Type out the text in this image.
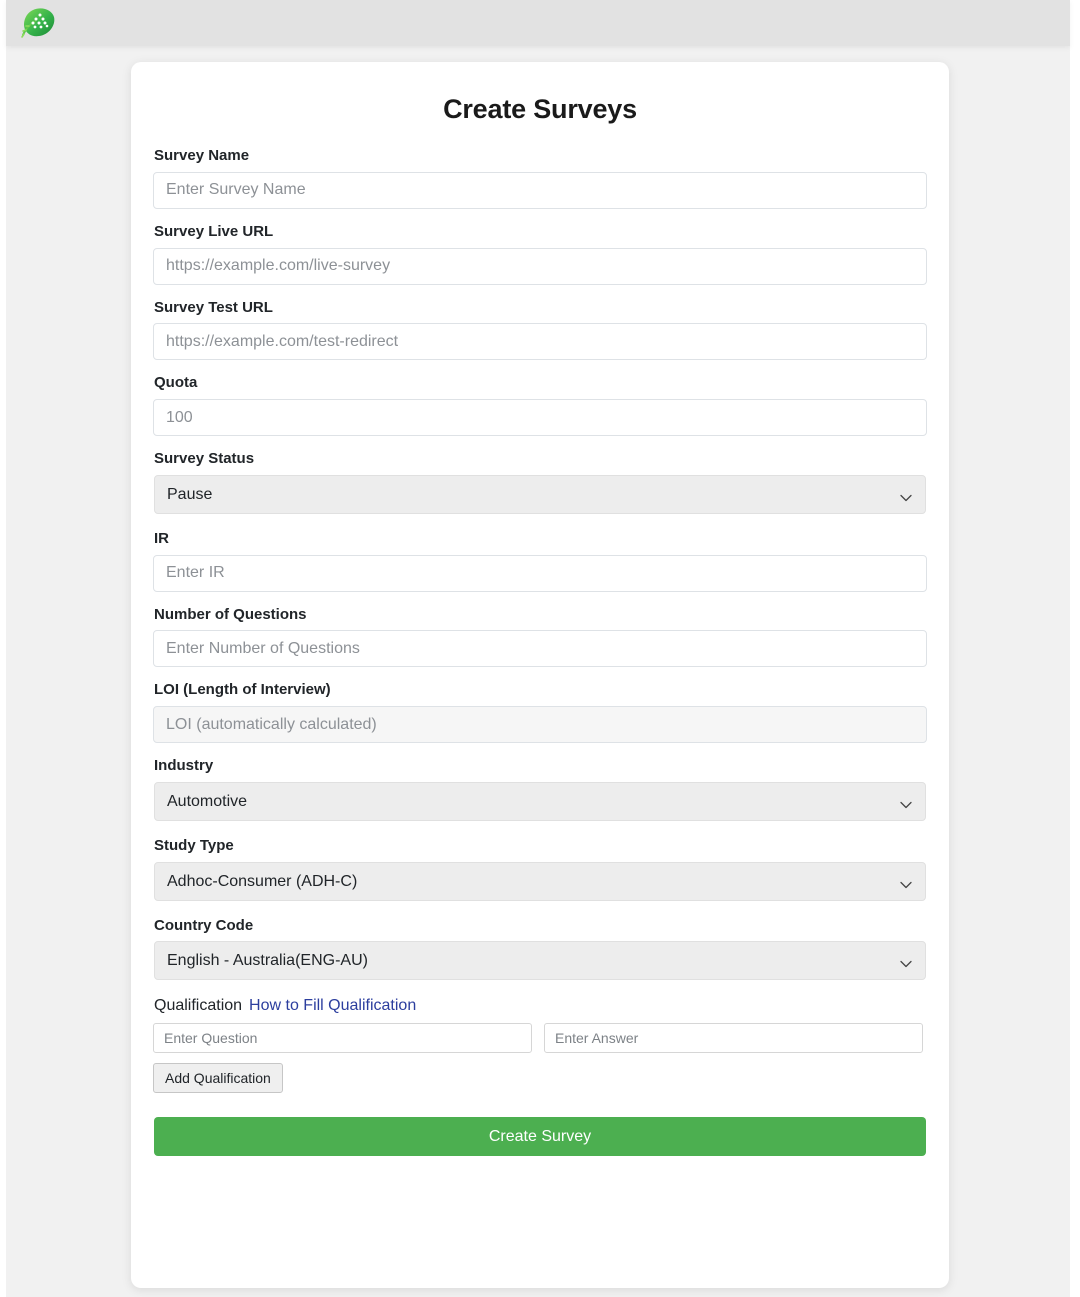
Create Surveys
Survey Name
Enter Survey Name
Survey Live URL
https://example.com/live-survey
Survey Test URL
https://example.com/test-redirect
Quota
100
Survey Status
Pause
IR
Enter IR
Number of Questions
Enter Number of Questions
LOI (Length of Interview)
LOI (automatically calculated)
Industry
Automotive
Study Type
Adhoc-Consumer (ADH-C)
Country Code
English - Australia(ENG-AU)
Qualification How to Fill Qualification
Enter Question
Enter Answer
Add Qualification
Create Survey
